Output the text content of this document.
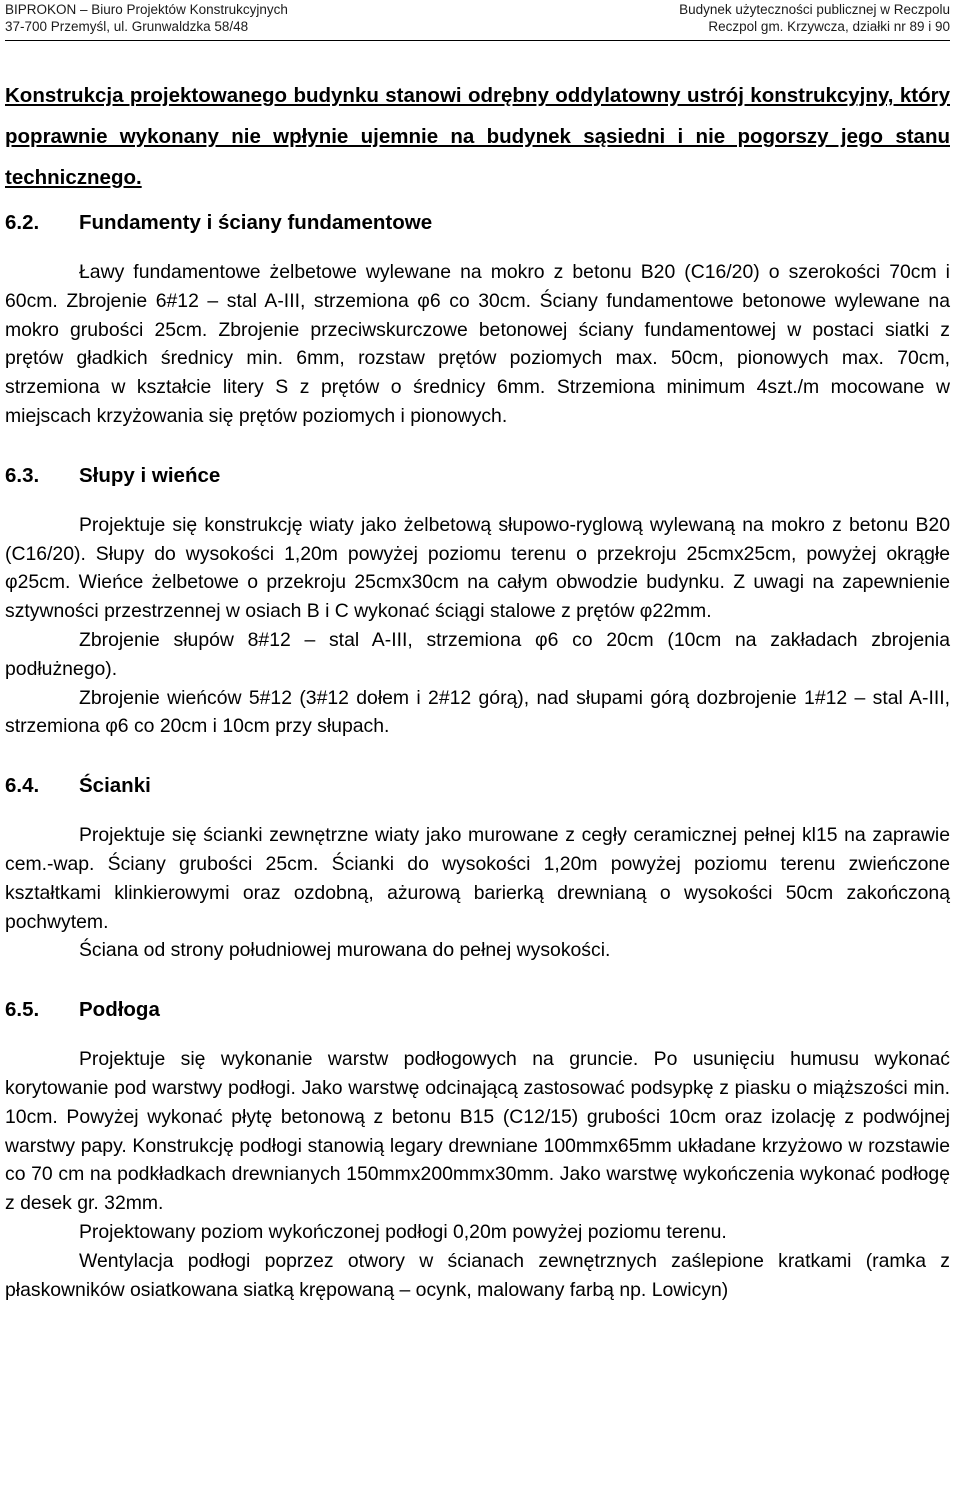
BIPROKON – Biuro Projektów Konstrukcyjnych
37-700 Przemyśl, ul. Grunwaldzka 58/48
Budynek użyteczności publicznej w Reczpolu
Reczpol gm. Krzywcza, działki nr 89 i 90
Konstrukcja projektowanego budynku stanowi odrębny oddylatowny ustrój konstrukcyjny, który poprawnie wykonany nie wpłynie ujemnie na budynek sąsiedni i nie pogorszy jego stanu technicznego.
6.2.	Fundamenty i ściany fundamentowe

Ławy fundamentowe żelbetowe wylewane na mokro z betonu B20 (C16/20) o szerokości 70cm i 60cm. Zbrojenie 6#12 – stal A-III, strzemiona φ6 co 30cm. Ściany fundamentowe betonowe wylewane na mokro grubości 25cm. Zbrojenie przeciwskurczowe betonowej ściany fundamentowej w postaci siatki z prętów gładkich średnicy min. 6mm, rozstaw prętów poziomych max. 50cm, pionowych max. 70cm, strzemiona w kształcie litery S z prętów o średnicy 6mm. Strzemiona minimum 4szt./m mocowane w miejscach krzyżowania się prętów poziomych i pionowych.

6.3.	Słupy i wieńce

Projektuje się konstrukcję wiaty jako żelbetową słupowo-ryglową wylewaną na mokro z betonu B20 (C16/20). Słupy do wysokości 1,20m powyżej poziomu terenu o przekroju 25cmx25cm, powyżej okrągłe φ25cm. Wieńce żelbetowe o przekroju 25cmx30cm na całym obwodzie budynku. Z uwagi na zapewnienie sztywności przestrzennej w osiach B i C wykonać ściągi stalowe z prętów φ22mm.

Zbrojenie słupów 8#12 – stal A-III, strzemiona φ6 co 20cm (10cm na zakładach zbrojenia podłużnego).

Zbrojenie wieńców 5#12 (3#12 dołem i 2#12 górą), nad słupami górą dozbrojenie 1#12 – stal A-III, strzemiona φ6 co 20cm i 10cm przy słupach.

6.4.	Ścianki

Projektuje się ścianki zewnętrzne wiaty jako murowane z cegły ceramicznej pełnej kl15 na zaprawie cem.-wap. Ściany grubości 25cm. Ścianki do wysokości 1,20m powyżej poziomu terenu zwieńczone kształtkami klinkierowymi oraz ozdobną, ażurową barierką drewnianą o wysokości 50cm zakończoną pochwytem.

Ściana od strony południowej murowana do pełnej wysokości.

6.5.	Podłoga

Projektuje się wykonanie warstw podłogowych na gruncie. Po usunięciu humusu wykonać korytowanie pod warstwy podłogi. Jako warstwę odcinającą zastosować podsypkę z piasku o miąższości min. 10cm. Powyżej wykonać płytę betonową z betonu B15 (C12/15) grubości 10cm oraz izolację z podwójnej warstwy papy. Konstrukcję podłogi stanowią legary drewniane 100mmx65mm układane krzyżowo w rozstawie co 70 cm na podkładkach drewnianych 150mmx200mmx30mm. Jako warstwę wykończenia wykonać podłogę z desek gr. 32mm.

Projektowany poziom wykończonej podłogi 0,20m powyżej poziomu terenu.

Wentylacja podłogi poprzez otwory w ścianach zewnętrznych zaślepione kratkami (ramka z płaskowników osiatkowana siatką krępowaną – ocynk, malowany farbą np. Lowicyn)
